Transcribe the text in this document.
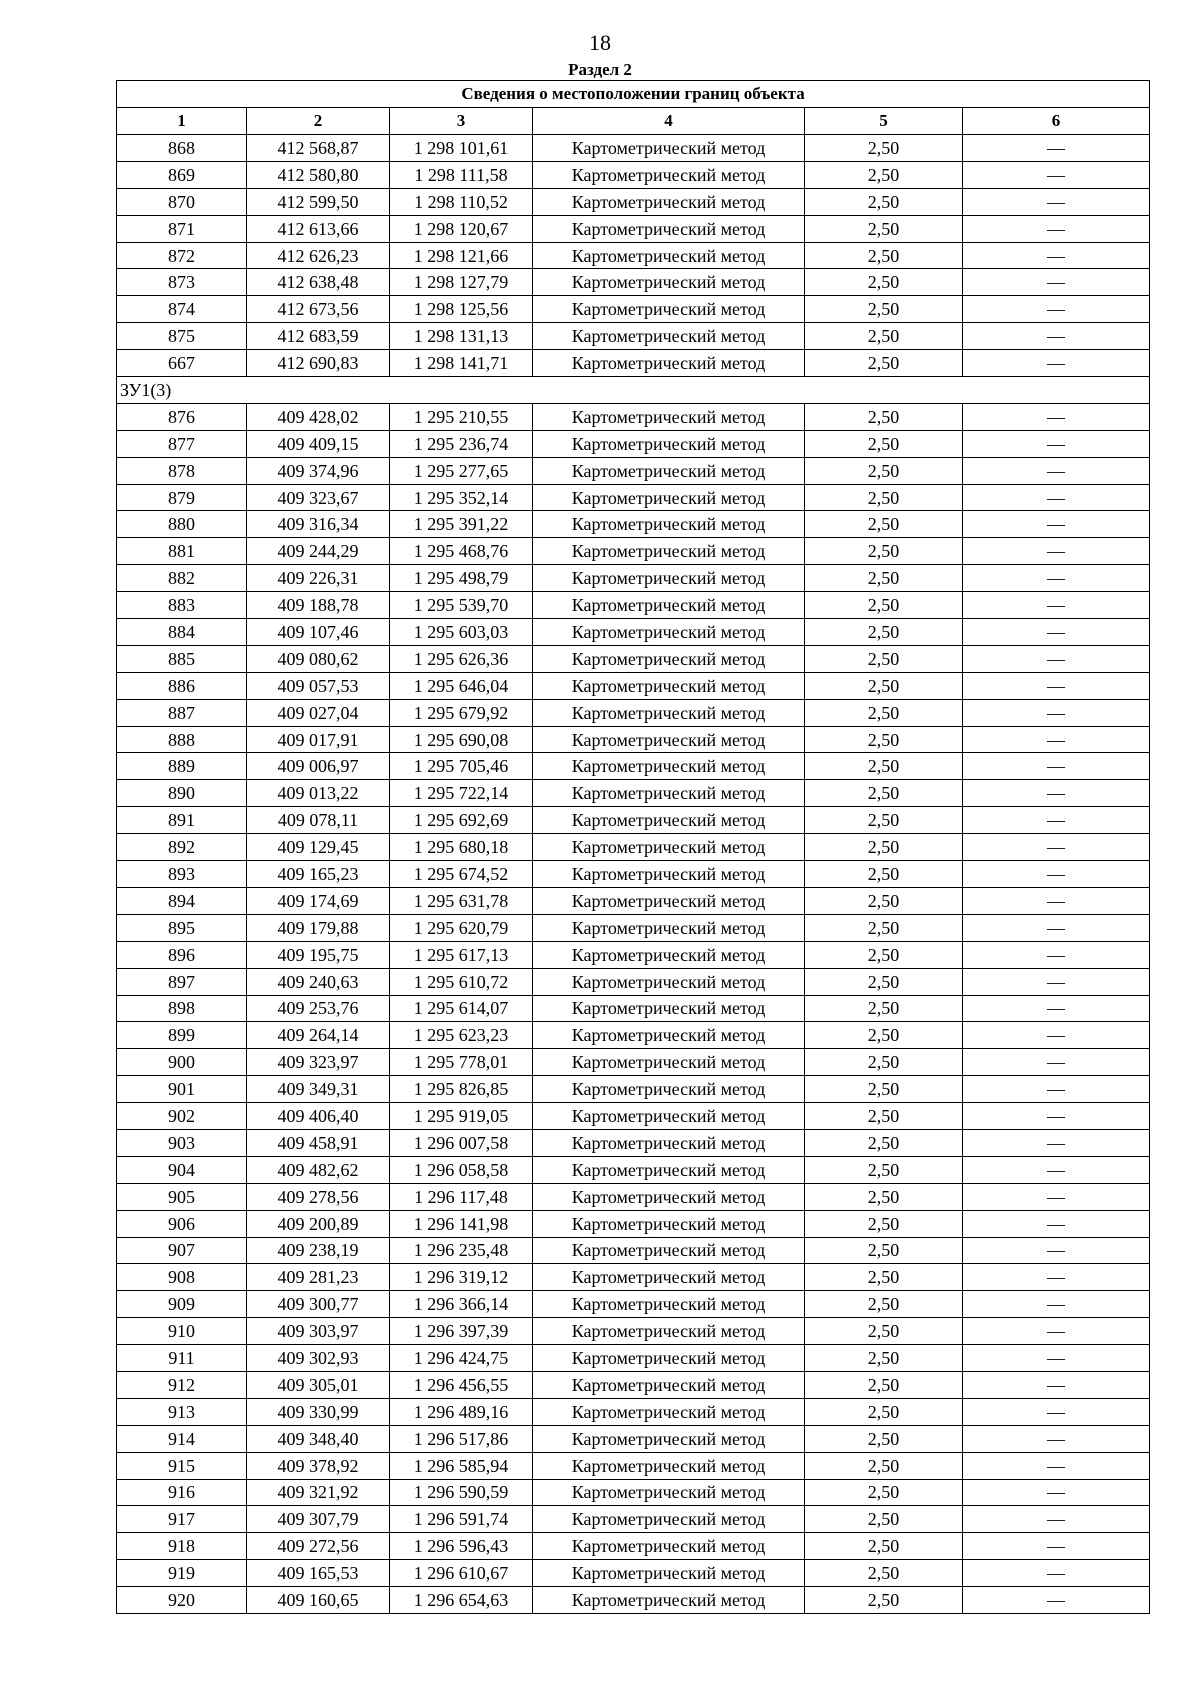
18
Раздел 2
Сведения о местоположении границ объекта					
1	2	3	4	5	6
868	412 568,87	1 298 101,61	Картометрический метод	2,50	—
869	412 580,80	1 298 111,58	Картометрический метод	2,50	—
870	412 599,50	1 298 110,52	Картометрический метод	2,50	—
871	412 613,66	1 298 120,67	Картометрический метод	2,50	—
872	412 626,23	1 298 121,66	Картометрический метод	2,50	—
873	412 638,48	1 298 127,79	Картометрический метод	2,50	—
874	412 673,56	1 298 125,56	Картометрический метод	2,50	—
875	412 683,59	1 298 131,13	Картометрический метод	2,50	—
667	412 690,83	1 298 141,71	Картометрический метод	2,50	—
ЗУ1(3)					
876	409 428,02	1 295 210,55	Картометрический метод	2,50	—
877	409 409,15	1 295 236,74	Картометрический метод	2,50	—
878	409 374,96	1 295 277,65	Картометрический метод	2,50	—
879	409 323,67	1 295 352,14	Картометрический метод	2,50	—
880	409 316,34	1 295 391,22	Картометрический метод	2,50	—
881	409 244,29	1 295 468,76	Картометрический метод	2,50	—
882	409 226,31	1 295 498,79	Картометрический метод	2,50	—
883	409 188,78	1 295 539,70	Картометрический метод	2,50	—
884	409 107,46	1 295 603,03	Картометрический метод	2,50	—
885	409 080,62	1 295 626,36	Картометрический метод	2,50	—
886	409 057,53	1 295 646,04	Картометрический метод	2,50	—
887	409 027,04	1 295 679,92	Картометрический метод	2,50	—
888	409 017,91	1 295 690,08	Картометрический метод	2,50	—
889	409 006,97	1 295 705,46	Картометрический метод	2,50	—
890	409 013,22	1 295 722,14	Картометрический метод	2,50	—
891	409 078,11	1 295 692,69	Картометрический метод	2,50	—
892	409 129,45	1 295 680,18	Картометрический метод	2,50	—
893	409 165,23	1 295 674,52	Картометрический метод	2,50	—
894	409 174,69	1 295 631,78	Картометрический метод	2,50	—
895	409 179,88	1 295 620,79	Картометрический метод	2,50	—
896	409 195,75	1 295 617,13	Картометрический метод	2,50	—
897	409 240,63	1 295 610,72	Картометрический метод	2,50	—
898	409 253,76	1 295 614,07	Картометрический метод	2,50	—
899	409 264,14	1 295 623,23	Картометрический метод	2,50	—
900	409 323,97	1 295 778,01	Картометрический метод	2,50	—
901	409 349,31	1 295 826,85	Картометрический метод	2,50	—
902	409 406,40	1 295 919,05	Картометрический метод	2,50	—
903	409 458,91	1 296 007,58	Картометрический метод	2,50	—
904	409 482,62	1 296 058,58	Картометрический метод	2,50	—
905	409 278,56	1 296 117,48	Картометрический метод	2,50	—
906	409 200,89	1 296 141,98	Картометрический метод	2,50	—
907	409 238,19	1 296 235,48	Картометрический метод	2,50	—
908	409 281,23	1 296 319,12	Картометрический метод	2,50	—
909	409 300,77	1 296 366,14	Картометрический метод	2,50	—
910	409 303,97	1 296 397,39	Картометрический метод	2,50	—
911	409 302,93	1 296 424,75	Картометрический метод	2,50	—
912	409 305,01	1 296 456,55	Картометрический метод	2,50	—
913	409 330,99	1 296 489,16	Картометрический метод	2,50	—
914	409 348,40	1 296 517,86	Картометрический метод	2,50	—
915	409 378,92	1 296 585,94	Картометрический метод	2,50	—
916	409 321,92	1 296 590,59	Картометрический метод	2,50	—
917	409 307,79	1 296 591,74	Картометрический метод	2,50	—
918	409 272,56	1 296 596,43	Картометрический метод	2,50	—
919	409 165,53	1 296 610,67	Картометрический метод	2,50	—
920	409 160,65	1 296 654,63	Картометрический метод	2,50	—
